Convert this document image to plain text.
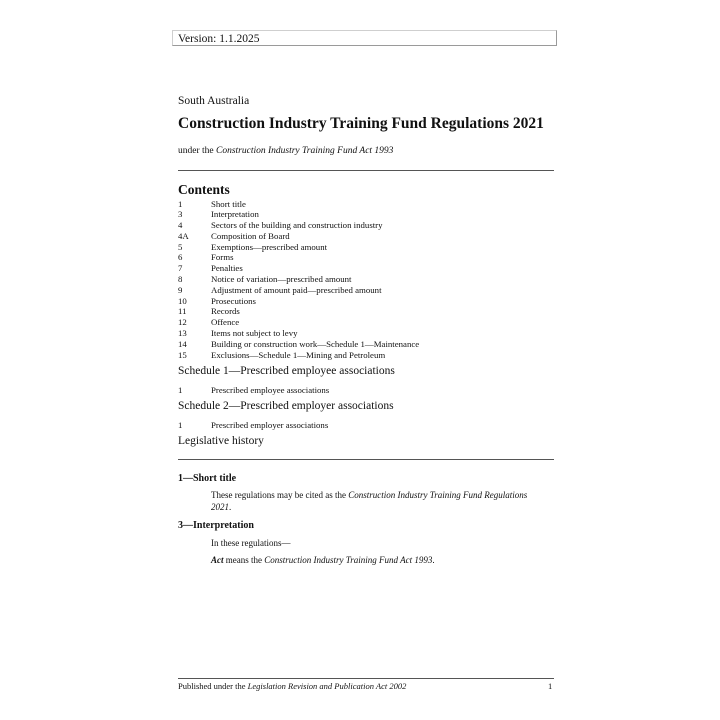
Version: 1.1.2025
South Australia
Construction Industry Training Fund Regulations 2021
under the Construction Industry Training Fund Act 1993
Contents
1	Short title
3	Interpretation
4	Sectors of the building and construction industry
4A	Composition of Board
5	Exemptions—prescribed amount
6	Forms
7	Penalties
8	Notice of variation—prescribed amount
9	Adjustment of amount paid—prescribed amount
10	Prosecutions
11	Records
12	Offence
13	Items not subject to levy
14	Building or construction work—Schedule 1—Maintenance
15	Exclusions—Schedule 1—Mining and Petroleum
Schedule 1—Prescribed employee associations
1	Prescribed employee associations
Schedule 2—Prescribed employer associations
1	Prescribed employer associations
Legislative history
1—Short title
These regulations may be cited as the Construction Industry Training Fund Regulations 2021.
3—Interpretation
In these regulations—
Act means the Construction Industry Training Fund Act 1993.
Published under the Legislation Revision and Publication Act 2002	1
